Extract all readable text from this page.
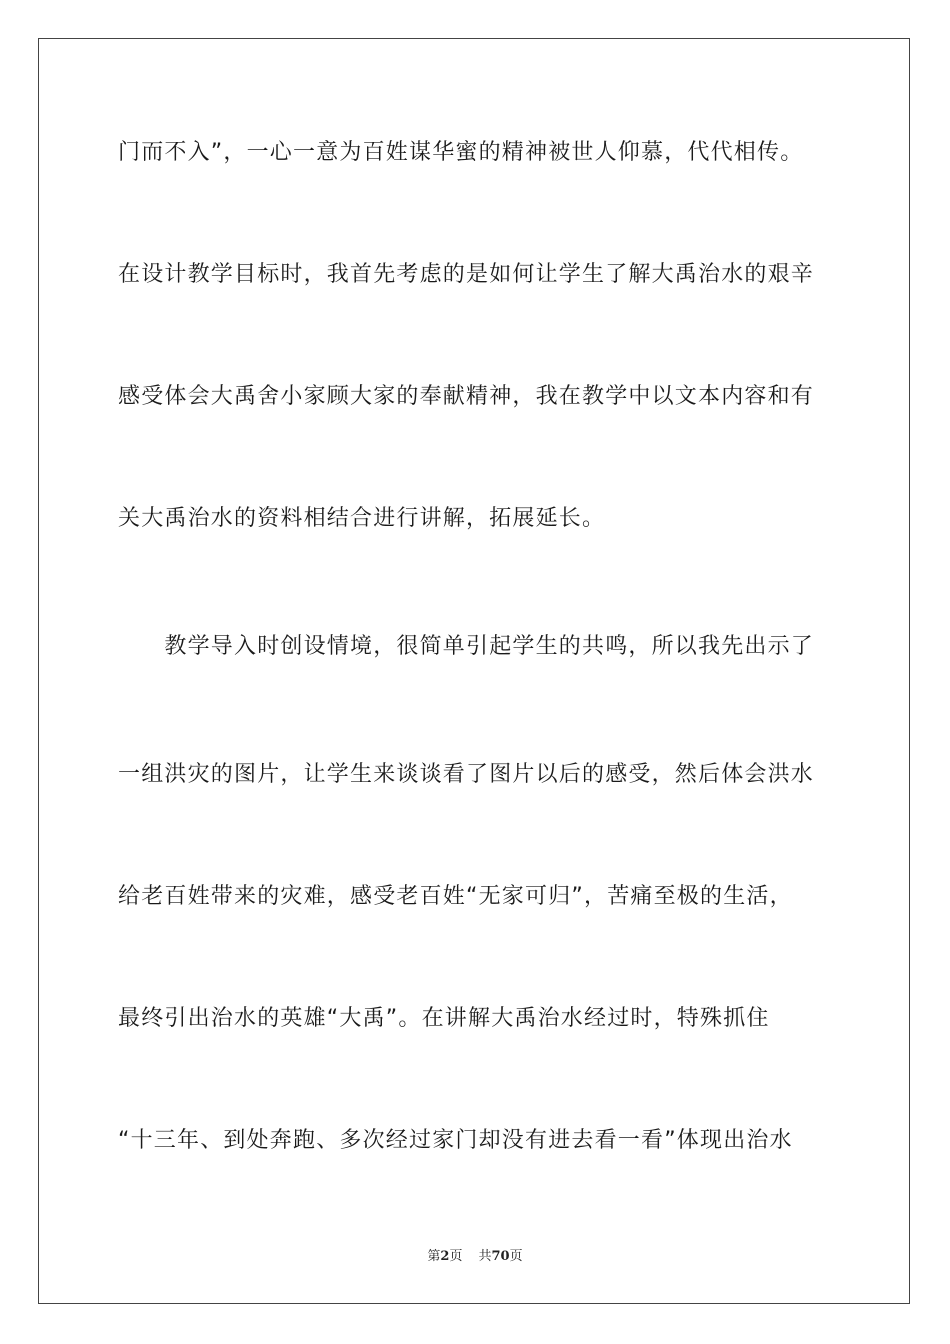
门而不入”，一心一意为百姓谋华蜜的精神被世人仰慕，代代相传。
在设计教学目标时，我首先考虑的是如何让学生了解大禹治水的艰辛
感受体会大禹舍小家顾大家的奉献精神，我在教学中以文本内容和有
关大禹治水的资料相结合进行讲解，拓展延长。
　　教学导入时创设情境，很简单引起学生的共鸣，所以我先出示了
一组洪灾的图片，让学生来谈谈看了图片以后的感受，然后体会洪水
给老百姓带来的灾难，感受老百姓“无家可归”，苦痛至极的生活，
最终引出治水的英雄“大禹”。在讲解大禹治水经过时，特殊抓住
“十三年、到处奔跑、多次经过家门却没有进去看一看”体现出治水
第2页 共70页
